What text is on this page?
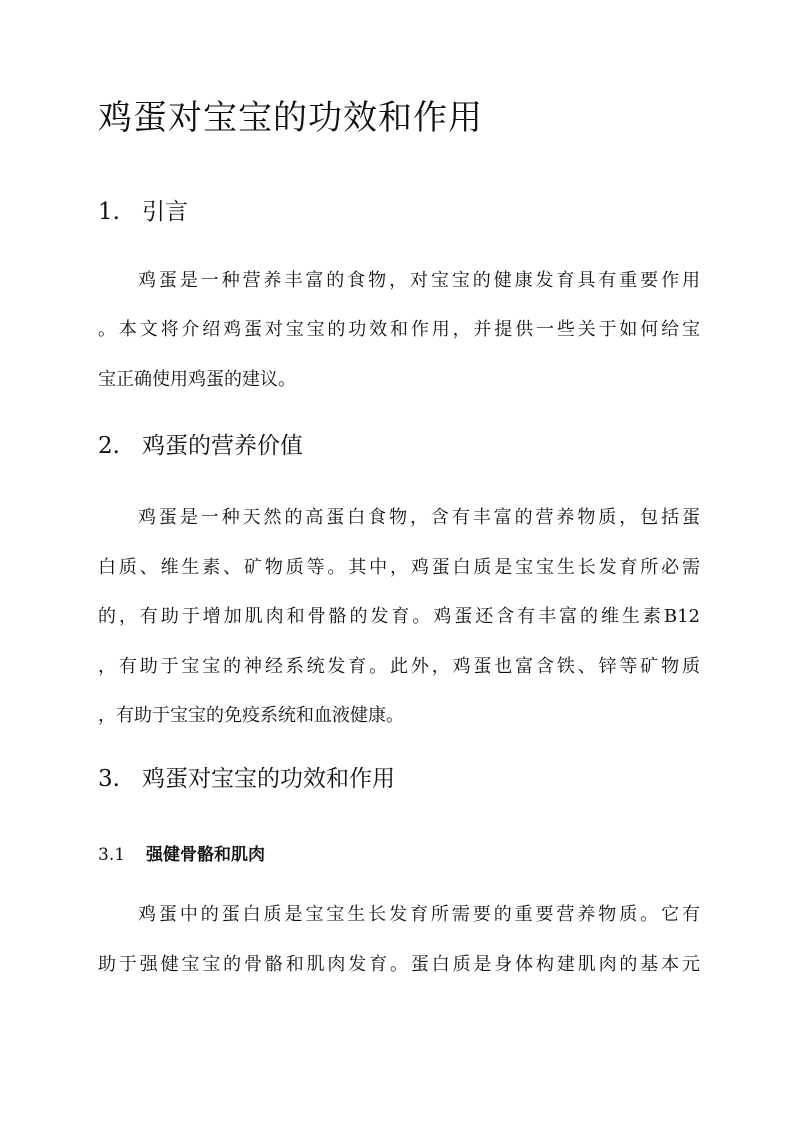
鸡蛋对宝宝的功效和作用
1. 引言
鸡蛋是一种营养丰富的食物，对宝宝的健康发育具有重要作用
。本文将介绍鸡蛋对宝宝的功效和作用，并提供一些关于如何给宝
宝正确使用鸡蛋的建议。
2. 鸡蛋的营养价值
鸡蛋是一种天然的高蛋白食物，含有丰富的营养物质，包括蛋
白质、维生素、矿物质等。其中，鸡蛋白质是宝宝生长发育所必需
的，有助于增加肌肉和骨骼的发育。鸡蛋还含有丰富的维生素B12
，有助于宝宝的神经系统发育。此外，鸡蛋也富含铁、锌等矿物质
，有助于宝宝的免疫系统和血液健康。
3. 鸡蛋对宝宝的功效和作用
3.1 强健骨骼和肌肉
鸡蛋中的蛋白质是宝宝生长发育所需要的重要营养物质。它有
助于强健宝宝的骨骼和肌肉发育。蛋白质是身体构建肌肉的基本元
